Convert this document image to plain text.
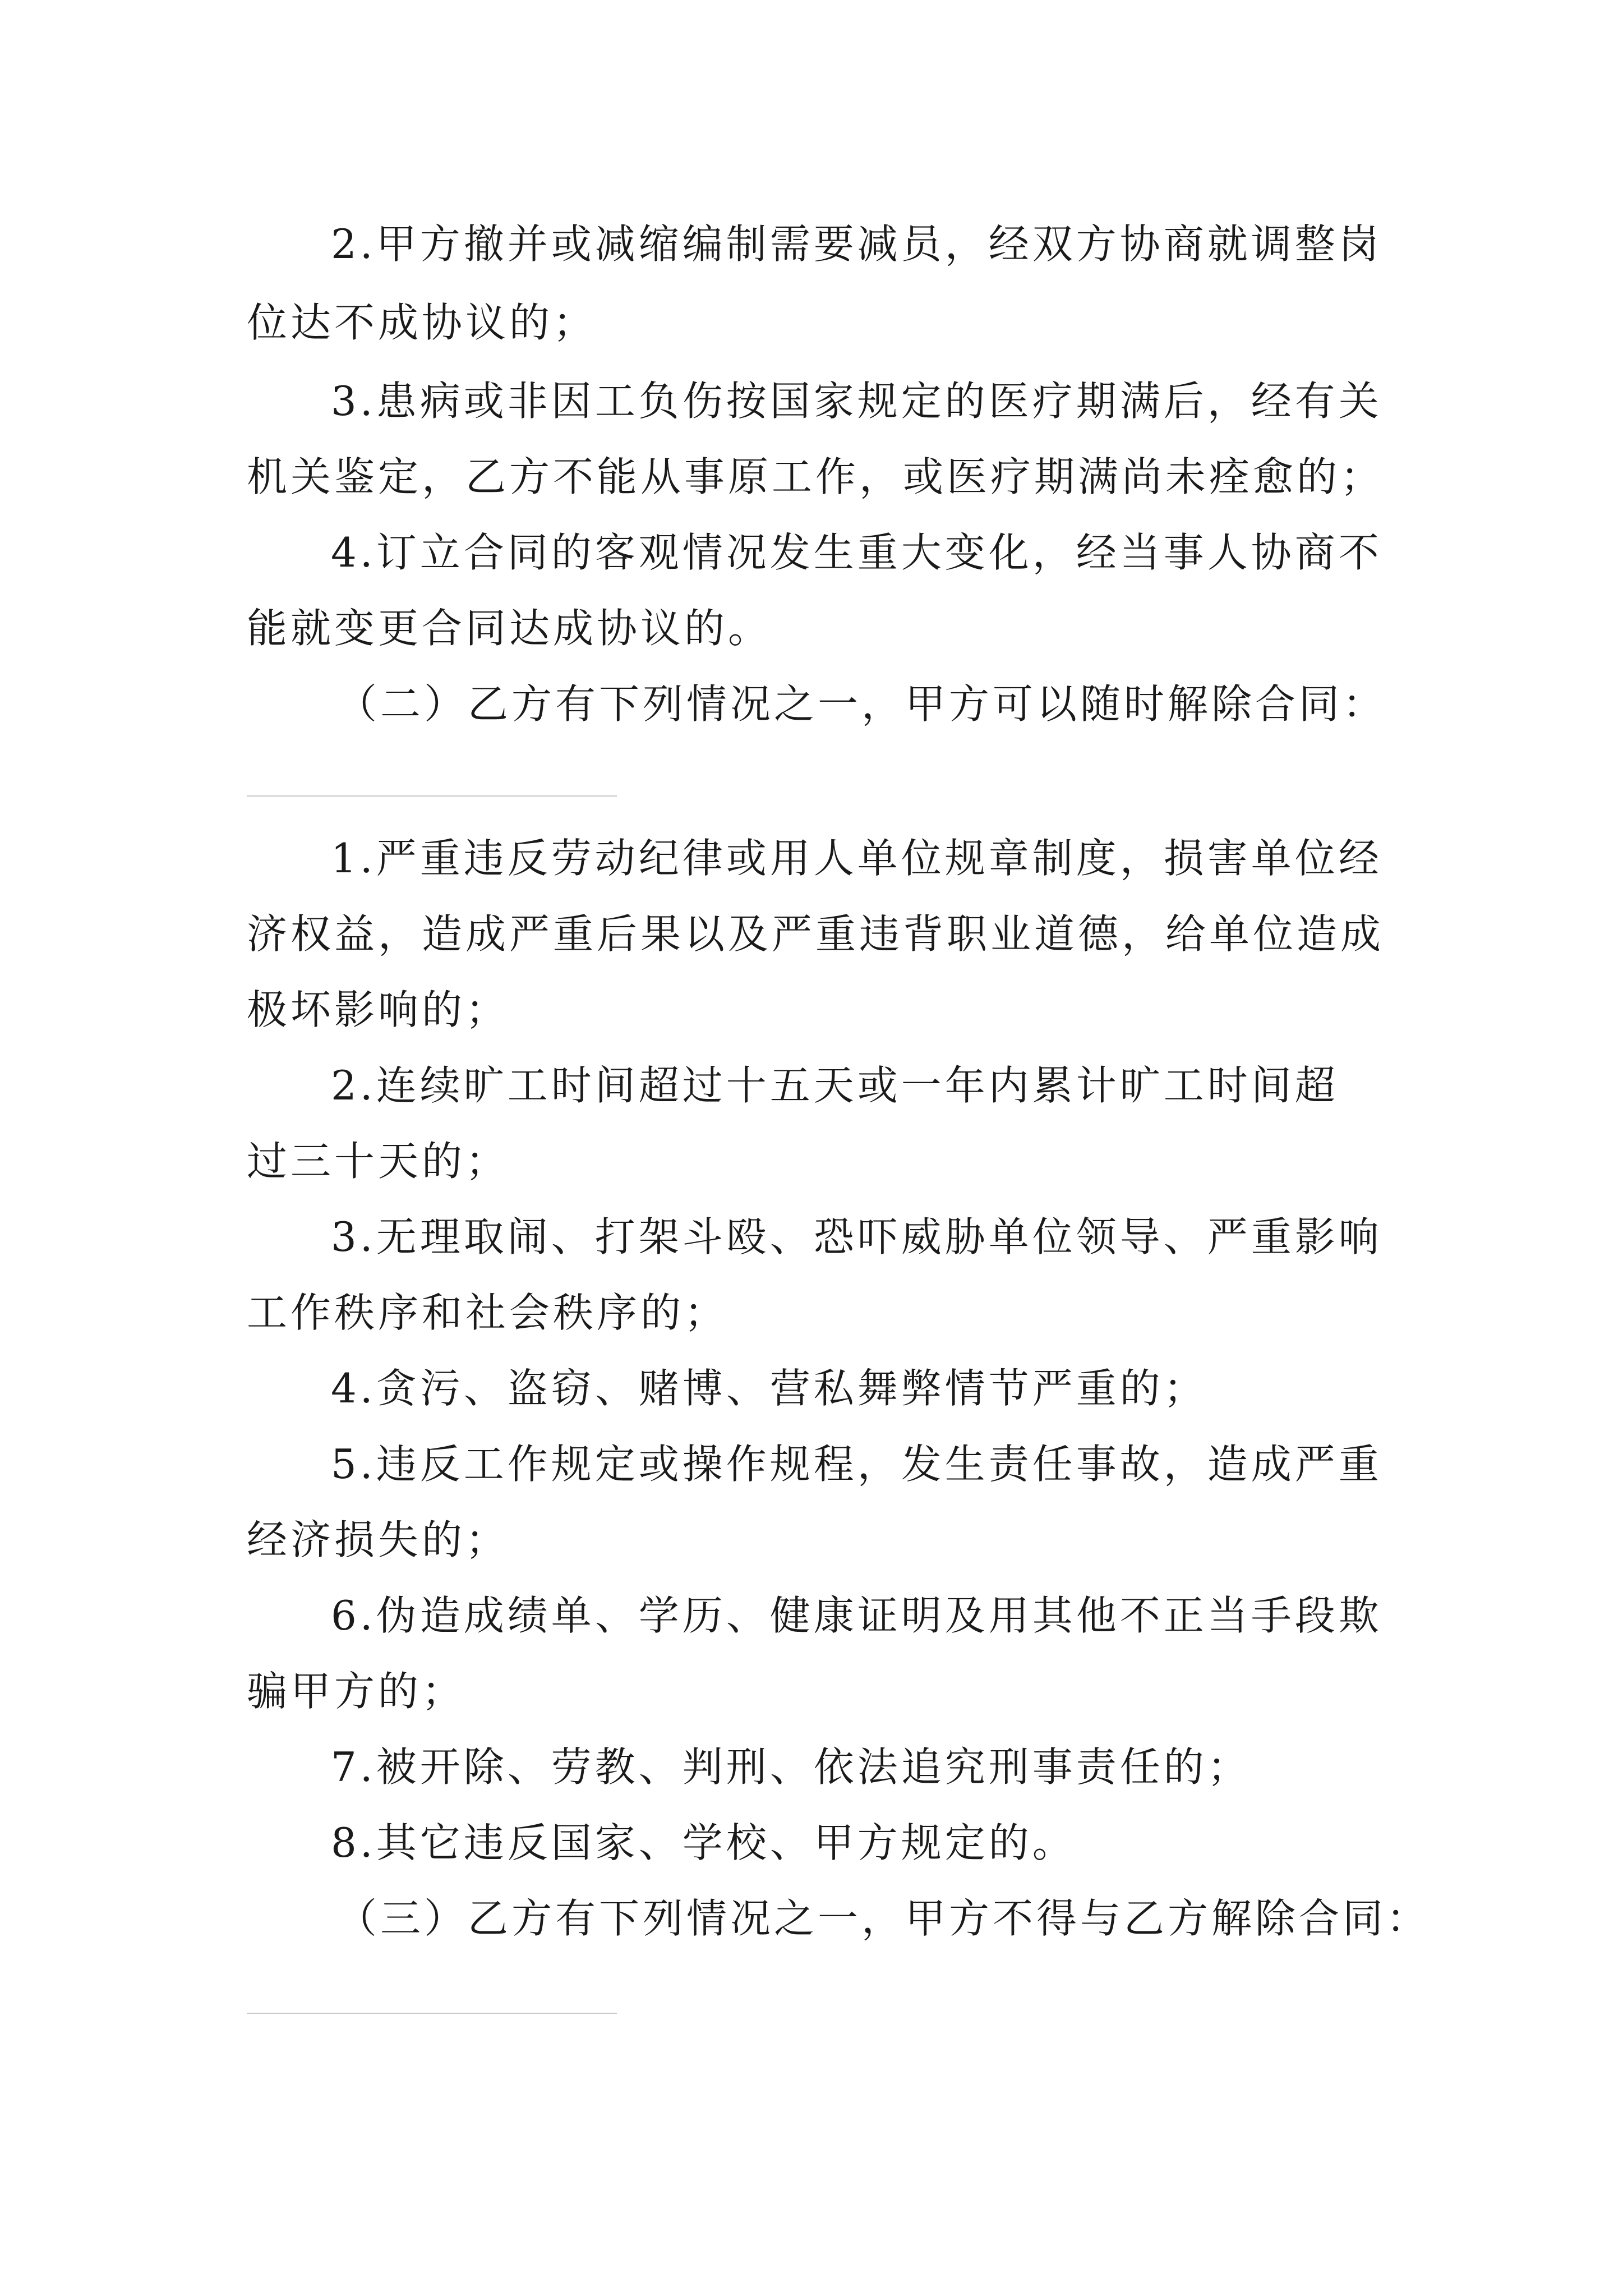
2.甲方撤并或减缩编制需要减员，经双方协商就调整岗
位达不成协议的；
3.患病或非因工负伤按国家规定的医疗期满后，经有关
机关鉴定，乙方不能从事原工作，或医疗期满尚未痊愈的；
4.订立合同的客观情况发生重大变化，经当事人协商不
能就变更合同达成协议的。
（二）乙方有下列情况之一，甲方可以随时解除合同：
1.严重违反劳动纪律或用人单位规章制度，损害单位经
济权益，造成严重后果以及严重违背职业道德，给单位造成
极坏影响的；
2.连续旷工时间超过十五天或一年内累计旷工时间超
过三十天的；
3.无理取闹、打架斗殴、恐吓威胁单位领导、严重影响
工作秩序和社会秩序的；
4.贪污、盗窃、赌博、营私舞弊情节严重的；
5.违反工作规定或操作规程，发生责任事故，造成严重
经济损失的；
6.伪造成绩单、学历、健康证明及用其他不正当手段欺
骗甲方的；
7.被开除、劳教、判刑、依法追究刑事责任的；
8.其它违反国家、学校、甲方规定的。
（三）乙方有下列情况之一，甲方不得与乙方解除合同：
